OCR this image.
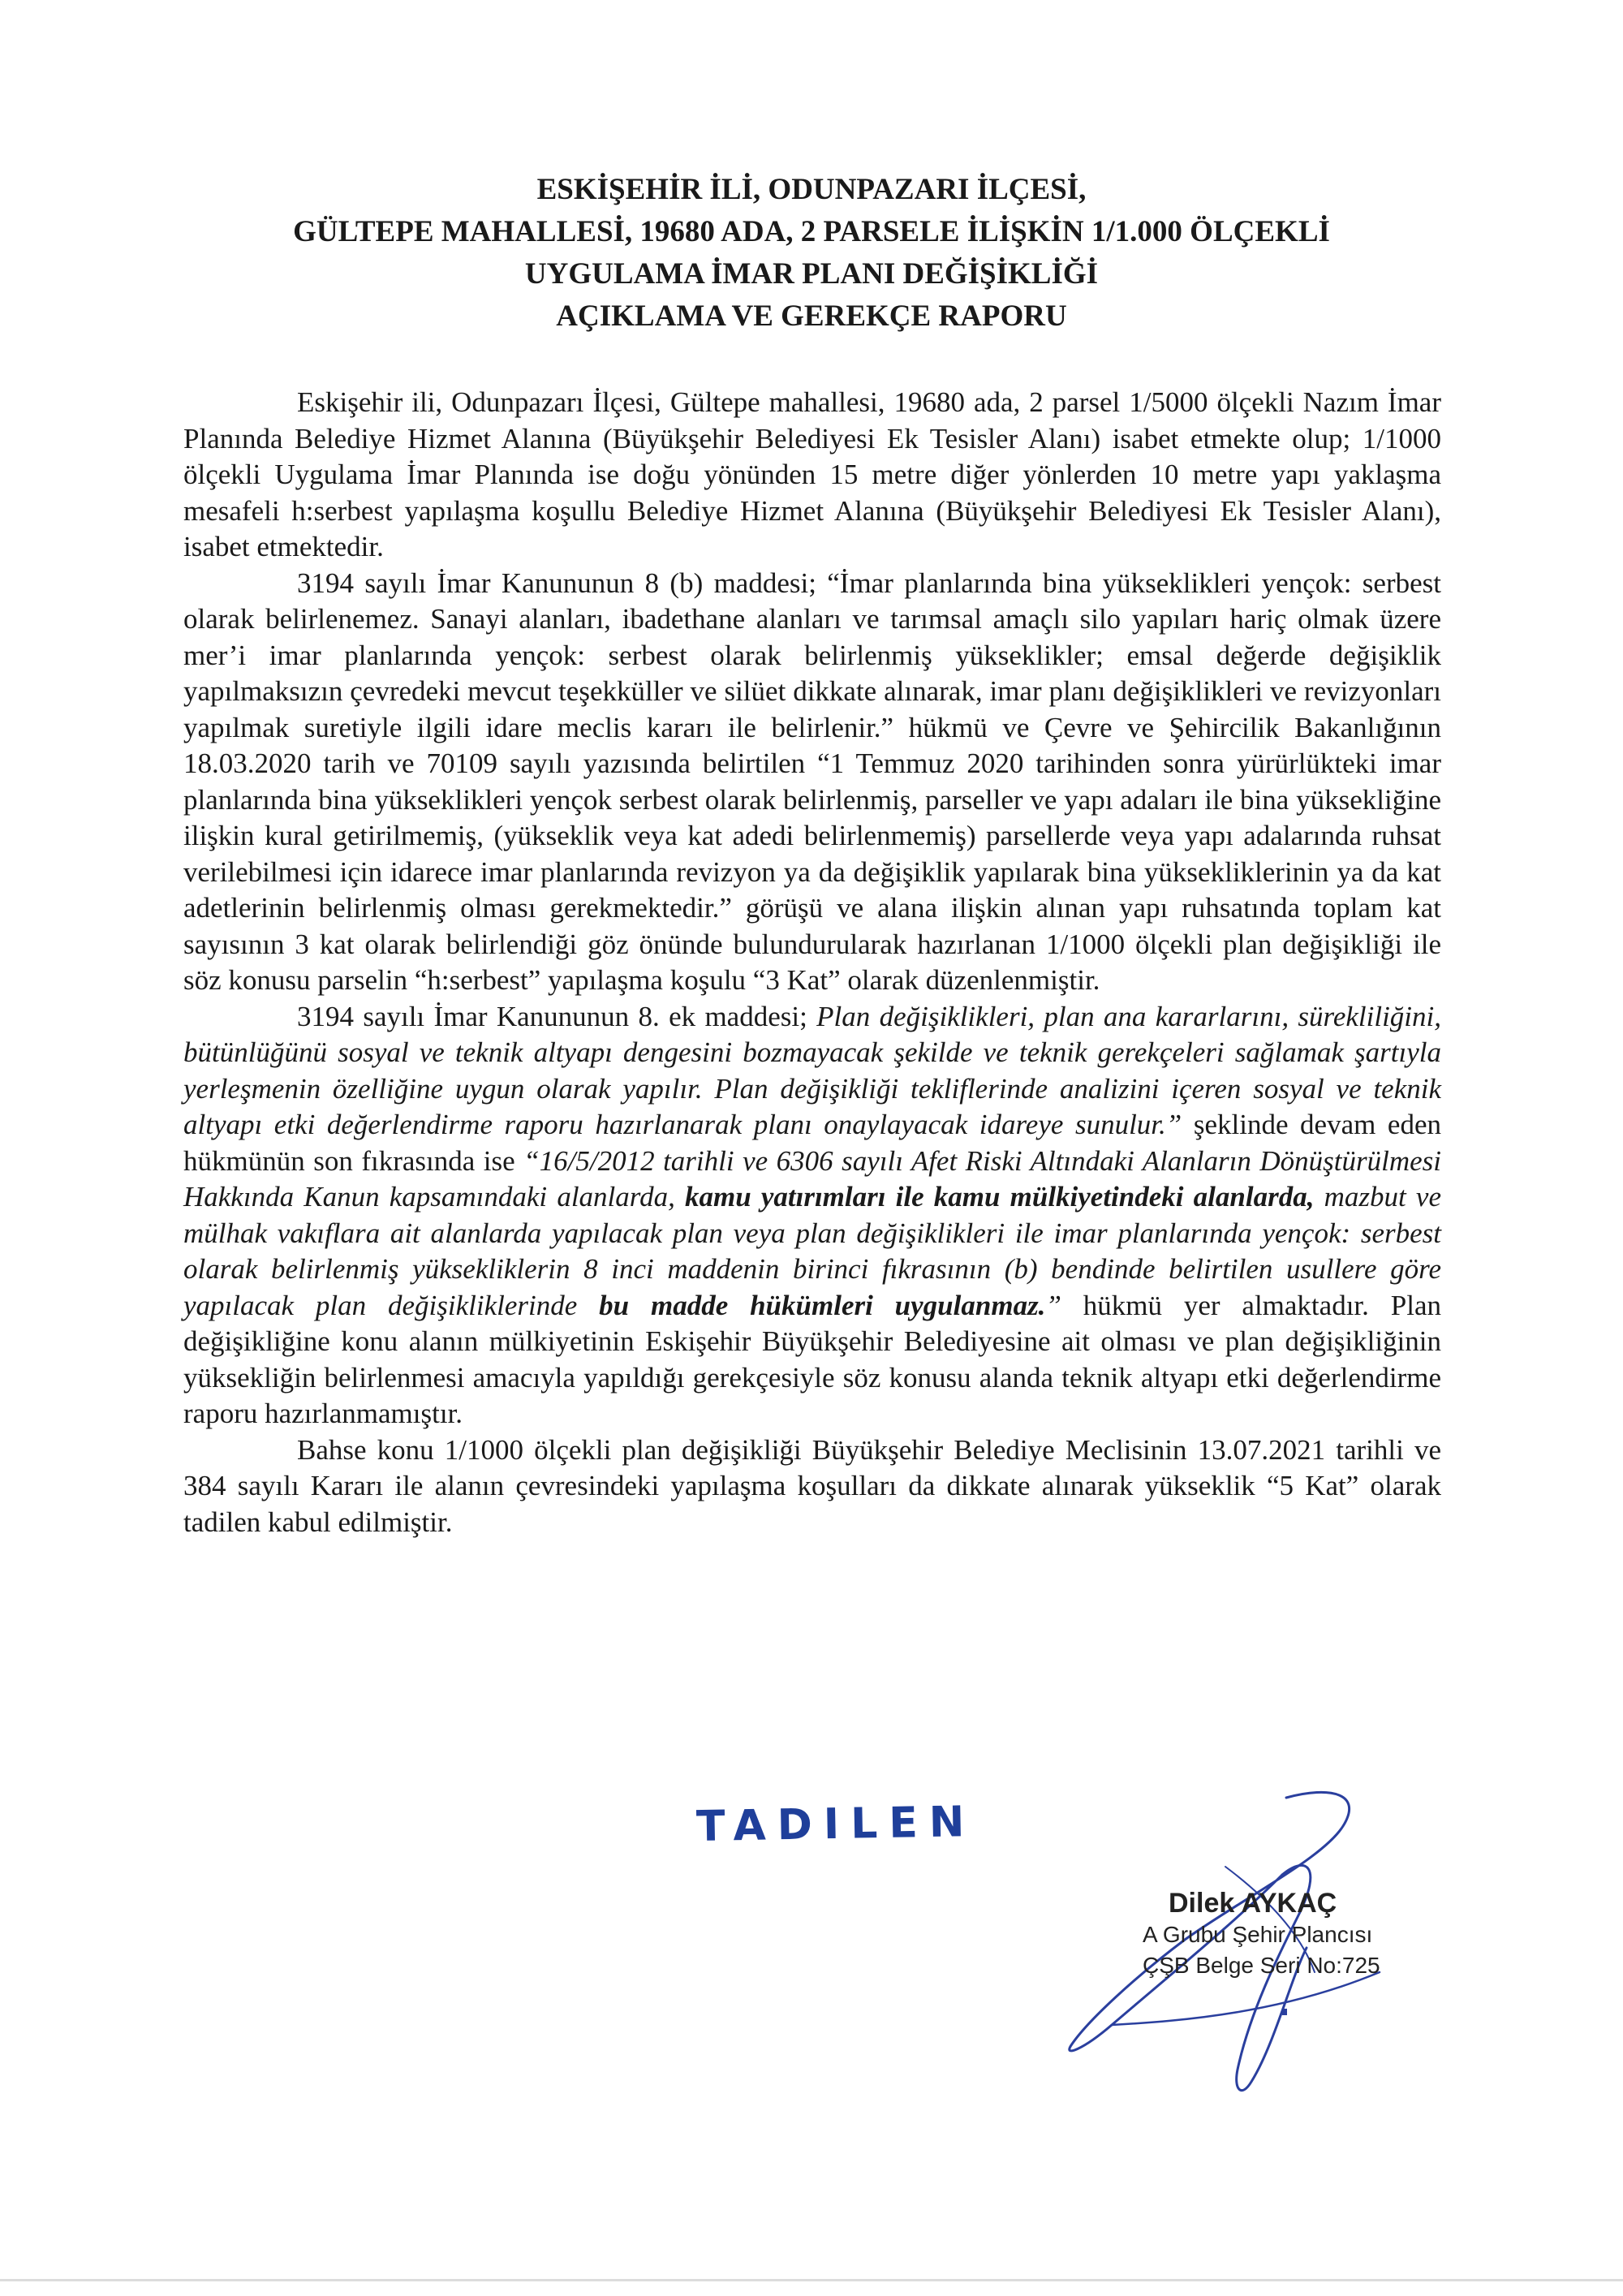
ESKİŞEHİR İLİ, ODUNPAZARI İLÇESİ,
GÜLTEPE MAHALLESİ, 19680 ADA, 2 PARSELE İLİŞKİN 1/1.000 ÖLÇEKLİ
UYGULAMA İMAR PLANI DEĞİŞİKLİĞİ
AÇIKLAMA VE GEREKÇE RAPORU

Eskişehir ili, Odunpazarı İlçesi, Gültepe mahallesi, 19680 ada, 2 parsel 1/5000 ölçekli Nazım İmar Planında Belediye Hizmet Alanına (Büyükşehir Belediyesi Ek Tesisler Alanı) isabet etmekte olup; 1/1000 ölçekli Uygulama İmar Planında ise doğu yönünden 15 metre diğer yönlerden 10 metre yapı yaklaşma mesafeli h:serbest yapılaşma koşullu Belediye Hizmet Alanına (Büyükşehir Belediyesi Ek Tesisler Alanı), isabet etmektedir.

3194 sayılı İmar Kanununun 8 (b) maddesi; “İmar planlarında bina yükseklikleri yençok: serbest olarak belirlenemez. Sanayi alanları, ibadethane alanları ve tarımsal amaçlı silo yapıları hariç olmak üzere mer’i imar planlarında yençok: serbest olarak belirlenmiş yükseklikler; emsal değerde değişiklik yapılmaksızın çevredeki mevcut teşekküller ve silüet dikkate alınarak, imar planı değişiklikleri ve revizyonları yapılmak suretiyle ilgili idare meclis kararı ile belirlenir.” hükmü ve Çevre ve Şehircilik Bakanlığının 18.03.2020 tarih ve 70109 sayılı yazısında belirtilen “1 Temmuz 2020 tarihinden sonra yürürlükteki imar planlarında bina yükseklikleri yençok serbest olarak belirlenmiş, parseller ve yapı adaları ile bina yüksekliğine ilişkin kural getirilmemiş, (yükseklik veya kat adedi belirlenmemiş) parsellerde veya yapı adalarında ruhsat verilebilmesi için idarece imar planlarında revizyon ya da değişiklik yapılarak bina yüksekliklerinin ya da kat adetlerinin belirlenmiş olması gerekmektedir.” görüşü ve alana ilişkin alınan yapı ruhsatında toplam kat sayısının 3 kat olarak belirlendiği göz önünde bulundurularak hazırlanan 1/1000 ölçekli plan değişikliği ile söz konusu parselin “h:serbest” yapılaşma koşulu “3 Kat” olarak düzenlenmiştir.

3194 sayılı İmar Kanununun 8. ek maddesi; Plan değişiklikleri, plan ana kararlarını, sürekliliğini, bütünlüğünü sosyal ve teknik altyapı dengesini bozmayacak şekilde ve teknik gerekçeleri sağlamak şartıyla yerleşmenin özelliğine uygun olarak yapılır. Plan değişikliği tekliflerinde analizini içeren sosyal ve teknik altyapı etki değerlendirme raporu hazırlanarak planı onaylayacak idareye sunulur.” şeklinde devam eden hükmünün son fıkrasında ise “16/5/2012 tarihli ve 6306 sayılı Afet Riski Altındaki Alanların Dönüştürülmesi Hakkında Kanun kapsamındaki alanlarda, kamu yatırımları ile kamu mülkiyetindeki alanlarda, mazbut ve mülhak vakıflara ait alanlarda yapılacak plan veya plan değişiklikleri ile imar planlarında yençok: serbest olarak belirlenmiş yüksekliklerin 8 inci maddenin birinci fıkrasının (b) bendinde belirtilen usullere göre yapılacak plan değişikliklerinde bu madde hükümleri uygulanmaz.” hükmü yer almaktadır. Plan değişikliğine konu alanın mülkiyetinin Eskişehir Büyükşehir Belediyesine ait olması ve plan değişikliğinin yüksekliğin belirlenmesi amacıyla yapıldığı gerekçesiyle söz konusu alanda teknik altyapı etki değerlendirme raporu hazırlanmamıştır.

Bahse konu 1/1000 ölçekli plan değişikliği Büyükşehir Belediye Meclisinin 13.07.2021 tarihli ve 384 sayılı Kararı ile alanın çevresindeki yapılaşma koşulları da dikkate alınarak yükseklik “5 Kat” olarak tadilen kabul edilmiştir.

TADILEN
Dilek AYKAÇ
A Grubu Şehir Plancısı
ÇŞB Belge Seri No:725
